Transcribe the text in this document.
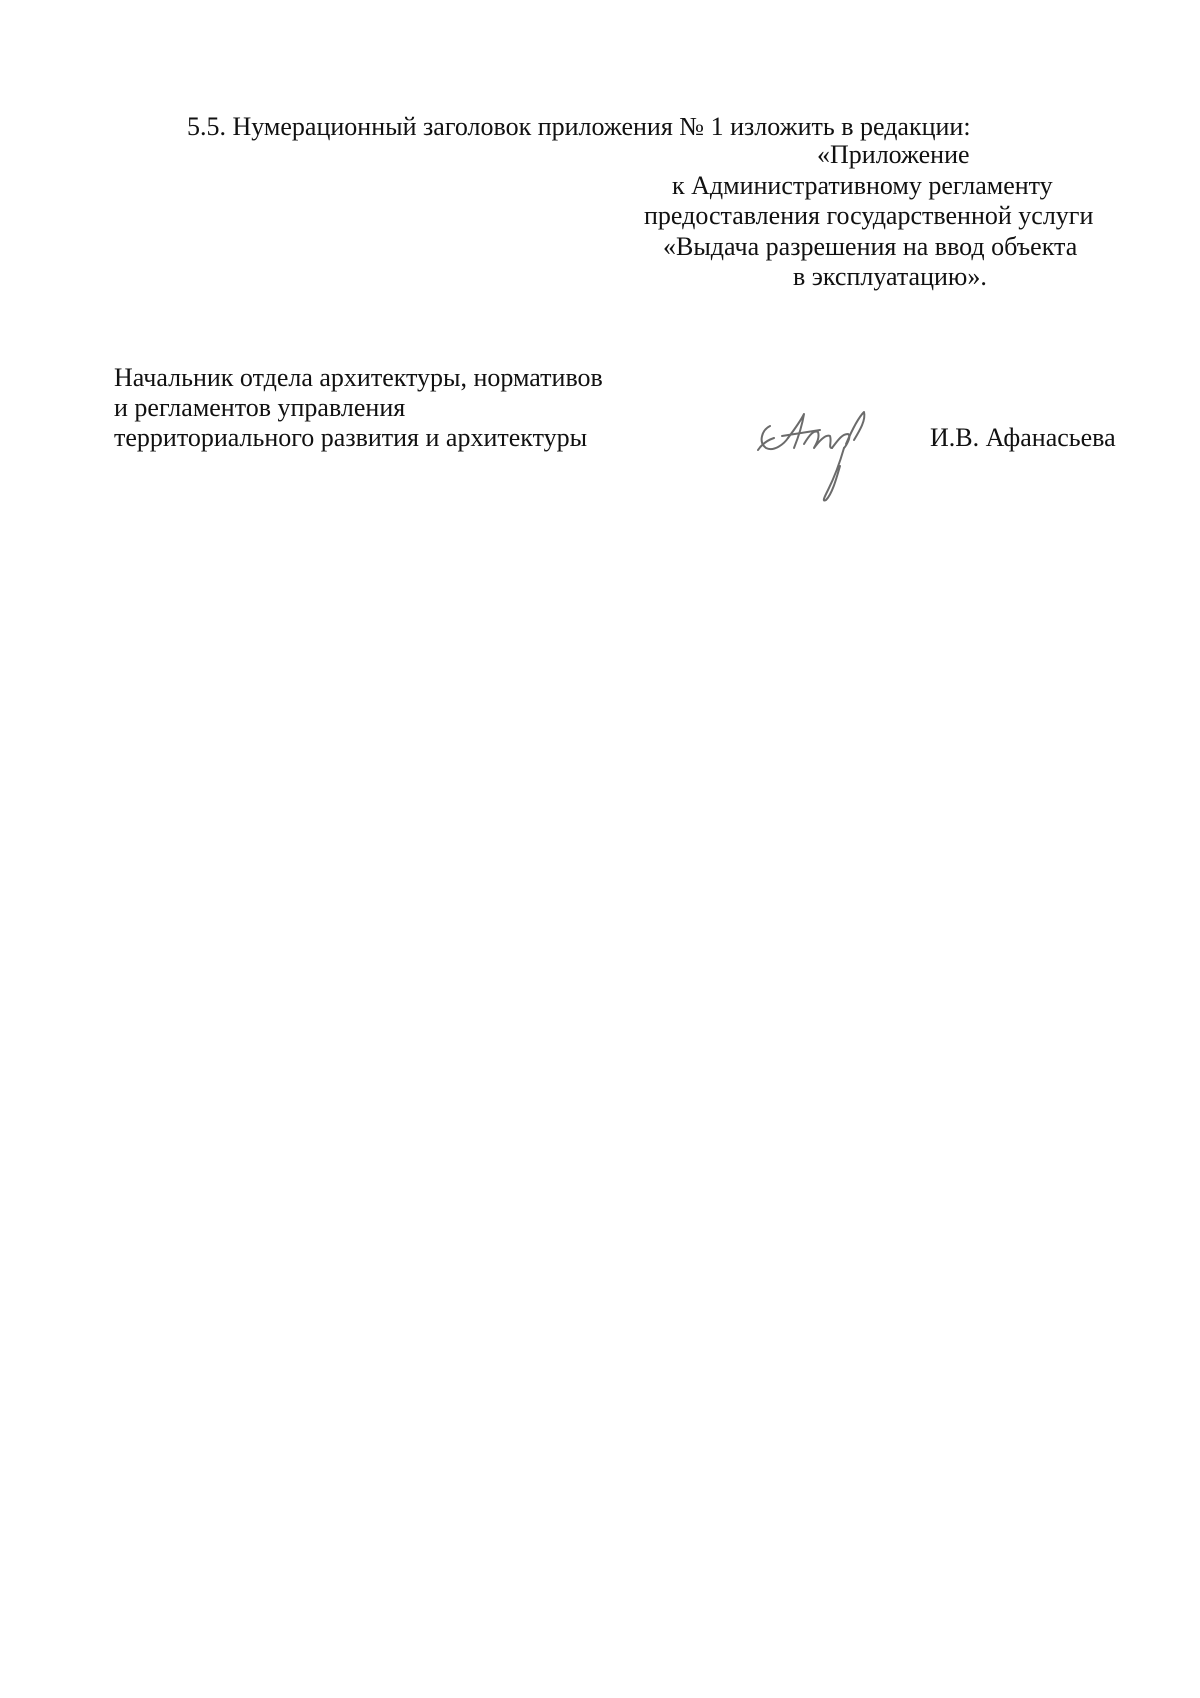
5.5. Нумерационный заголовок приложения № 1 изложить в редакции:
«Приложение
к Административному регламенту
предоставления государственной услуги
«Выдача разрешения на ввод объекта
в эксплуатацию».
Начальник отдела архитектуры, нормативов
и регламентов управления
территориального развития и архитектуры	И.В. Афанасьева
